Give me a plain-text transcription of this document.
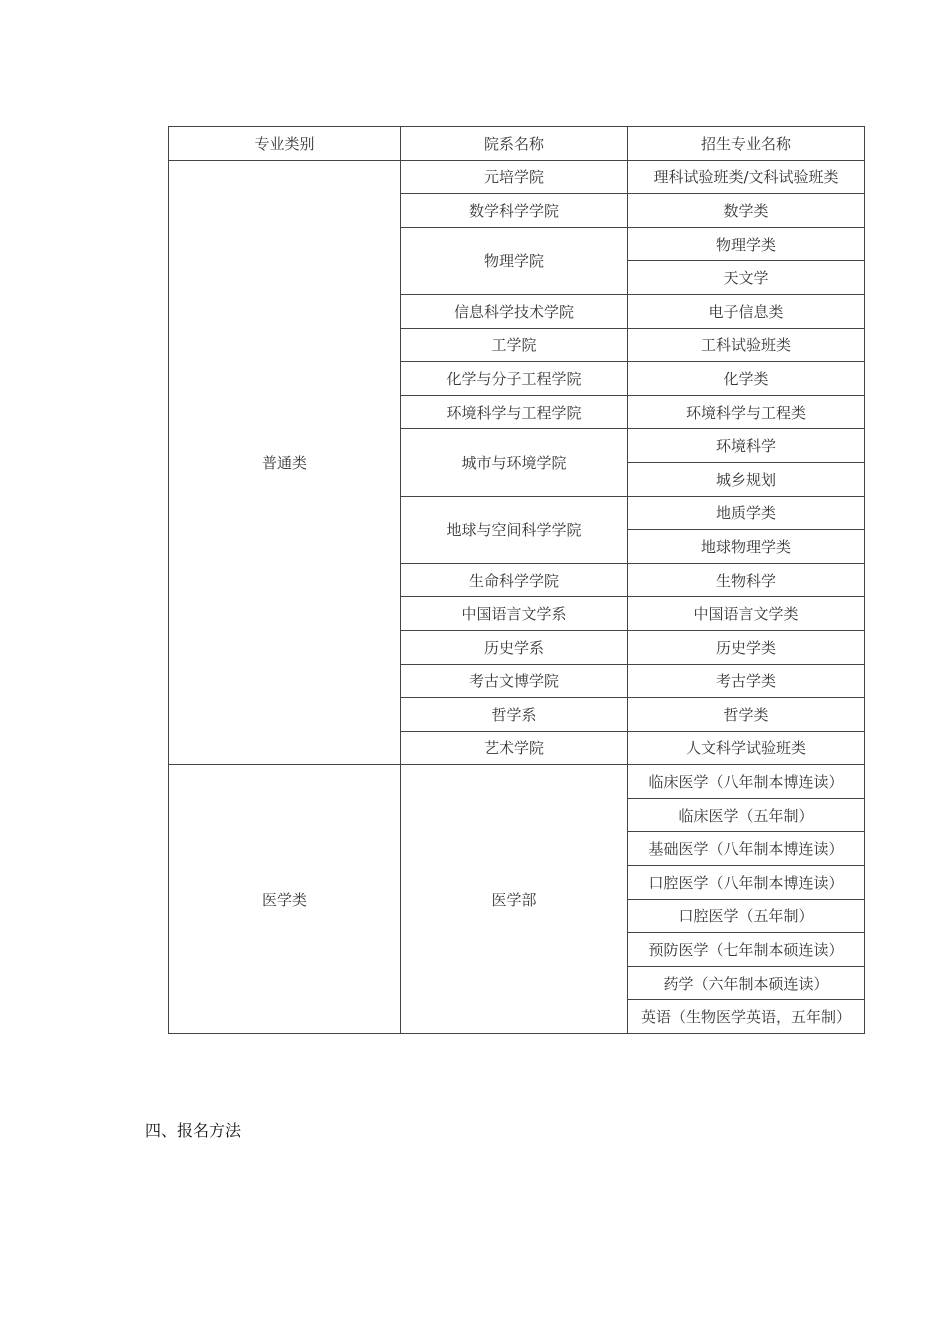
专业类别	院系名称	招生专业名称
普通类	元培学院	理科试验班类/文科试验班类
	数学科学学院	数学类
	物理学院	物理学类
		天文学
	信息科学技术学院	电子信息类
	工学院	工科试验班类
	化学与分子工程学院	化学类
	环境科学与工程学院	环境科学与工程类
	城市与环境学院	环境科学
		城乡规划
	地球与空间科学学院	地质学类
		地球物理学类
	生命科学学院	生物科学
	中国语言文学系	中国语言文学类
	历史学系	历史学类
	考古文博学院	考古学类
	哲学系	哲学类
	艺术学院	人文科学试验班类
医学类	医学部	临床医学（八年制本博连读）
		临床医学（五年制）
		基础医学（八年制本博连读）
		口腔医学（八年制本博连读）
		口腔医学（五年制）
		预防医学（七年制本硕连读）
		药学（六年制本硕连读）
		英语（生物医学英语，五年制）
四、报名方法
